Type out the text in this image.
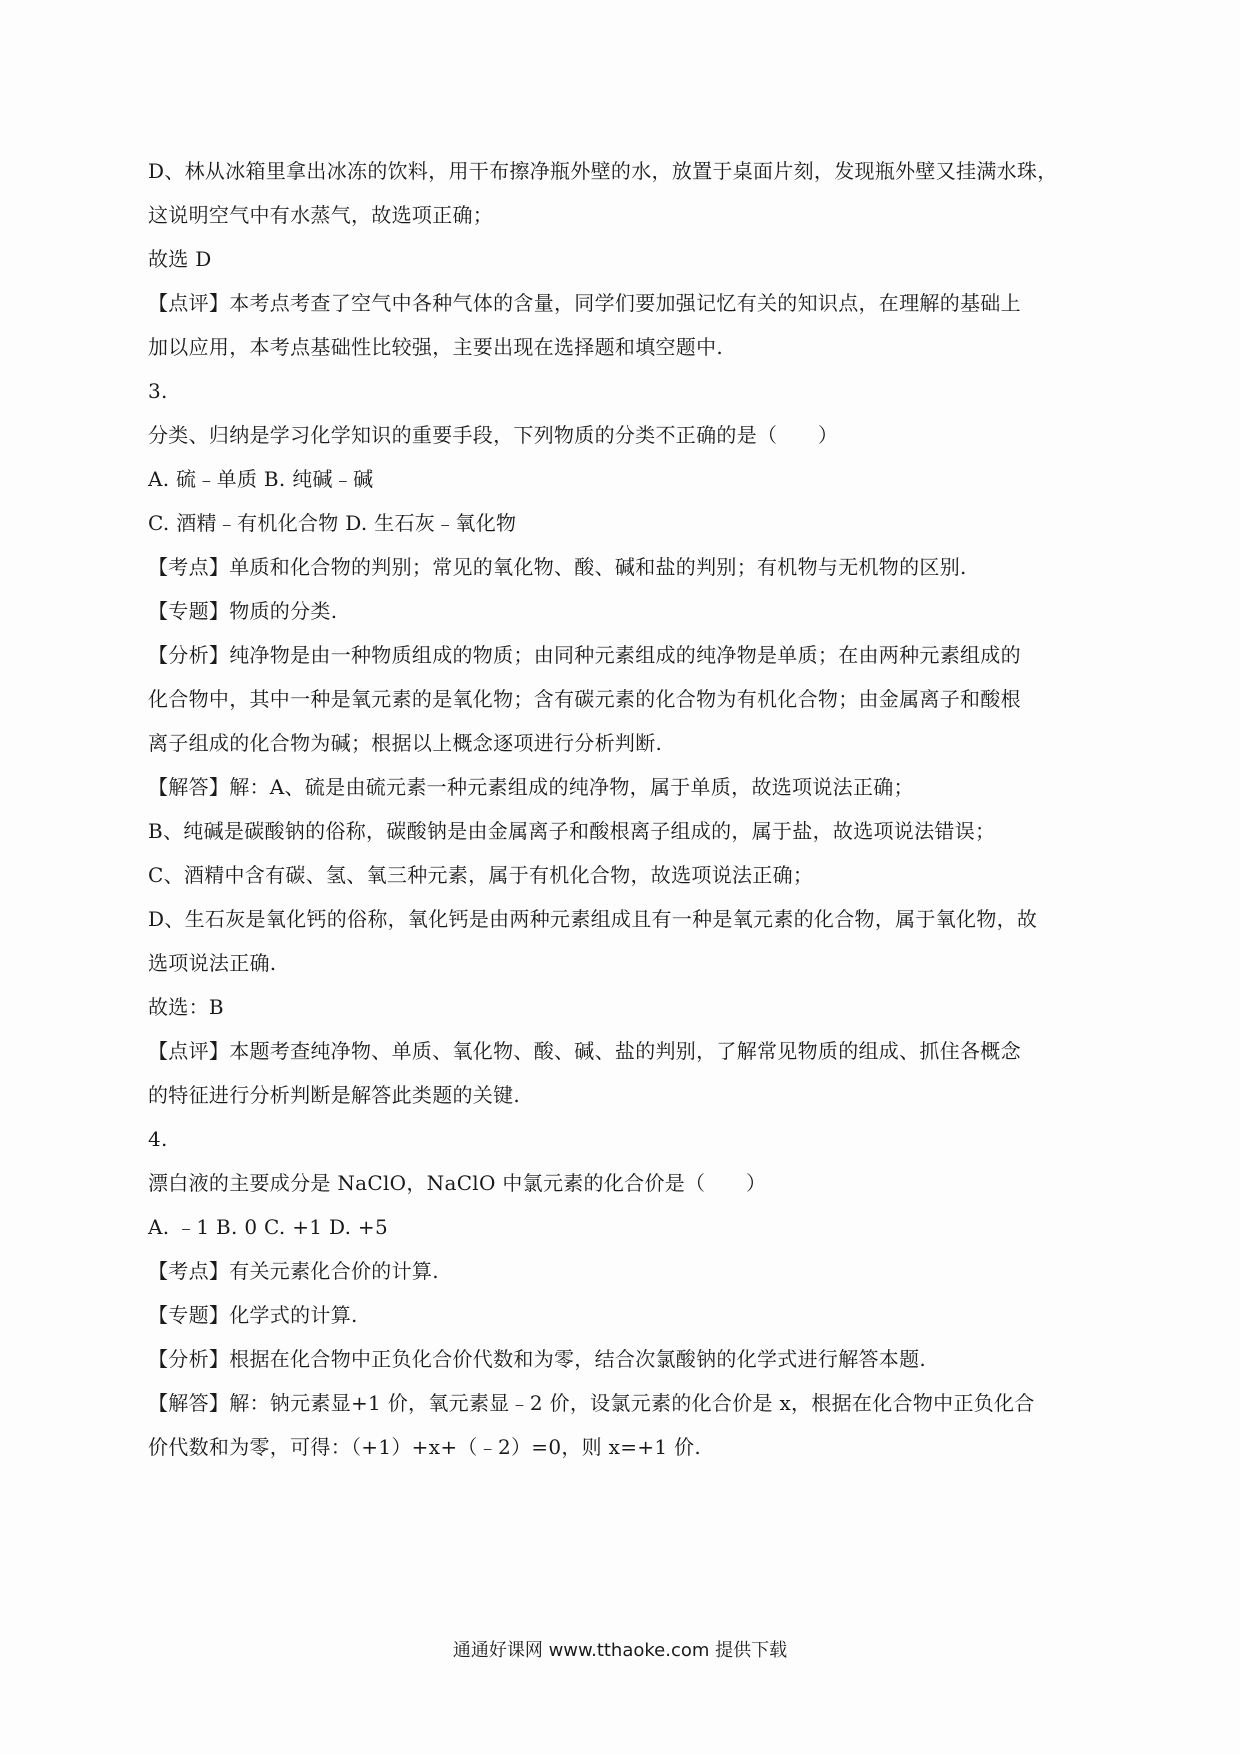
D、林从冰箱里拿出冰冻的饮料，用干布擦净瓶外壁的水，放置于桌面片刻，发现瓶外壁又挂满水珠，

这说明空气中有水蒸气，故选项正确；

故选 D

【点评】本考点考查了空气中各种气体的含量，同学们要加强记忆有关的知识点，在理解的基础上

加以应用，本考点基础性比较强，主要出现在选择题和填空题中.

3.

分类、归纳是学习化学知识的重要手段，下列物质的分类不正确的是（　　）

A. 硫﹣单质 B. 纯碱﹣碱

C. 酒精﹣有机化合物 D. 生石灰﹣氧化物

【考点】单质和化合物的判别；常见的氧化物、酸、碱和盐的判别；有机物与无机物的区别.

【专题】物质的分类.

【分析】纯净物是由一种物质组成的物质；由同种元素组成的纯净物是单质；在由两种元素组成的

化合物中，其中一种是氧元素的是氧化物；含有碳元素的化合物为有机化合物；由金属离子和酸根

离子组成的化合物为碱；根据以上概念逐项进行分析判断.

【解答】解：A、硫是由硫元素一种元素组成的纯净物，属于单质，故选项说法正确；

B、纯碱是碳酸钠的俗称，碳酸钠是由金属离子和酸根离子组成的，属于盐，故选项说法错误；

C、酒精中含有碳、氢、氧三种元素，属于有机化合物，故选项说法正确；

D、生石灰是氧化钙的俗称，氧化钙是由两种元素组成且有一种是氧元素的化合物，属于氧化物，故

选项说法正确.

故选：B

【点评】本题考查纯净物、单质、氧化物、酸、碱、盐的判别，了解常见物质的组成、抓住各概念

的特征进行分析判断是解答此类题的关键.

4.

漂白液的主要成分是 NaClO，NaClO 中氯元素的化合价是（　　）

A. ﹣1 B. 0 C. +1 D. +5

【考点】有关元素化合价的计算.

【专题】化学式的计算.

【分析】根据在化合物中正负化合价代数和为零，结合次氯酸钠的化学式进行解答本题.

【解答】解：钠元素显+1 价，氧元素显﹣2 价，设氯元素的化合价是 x，根据在化合物中正负化合

价代数和为零，可得：（+1）+x+（﹣2）=0，则 x=+1 价.

通通好课网 www.tthaoke.com 提供下载
